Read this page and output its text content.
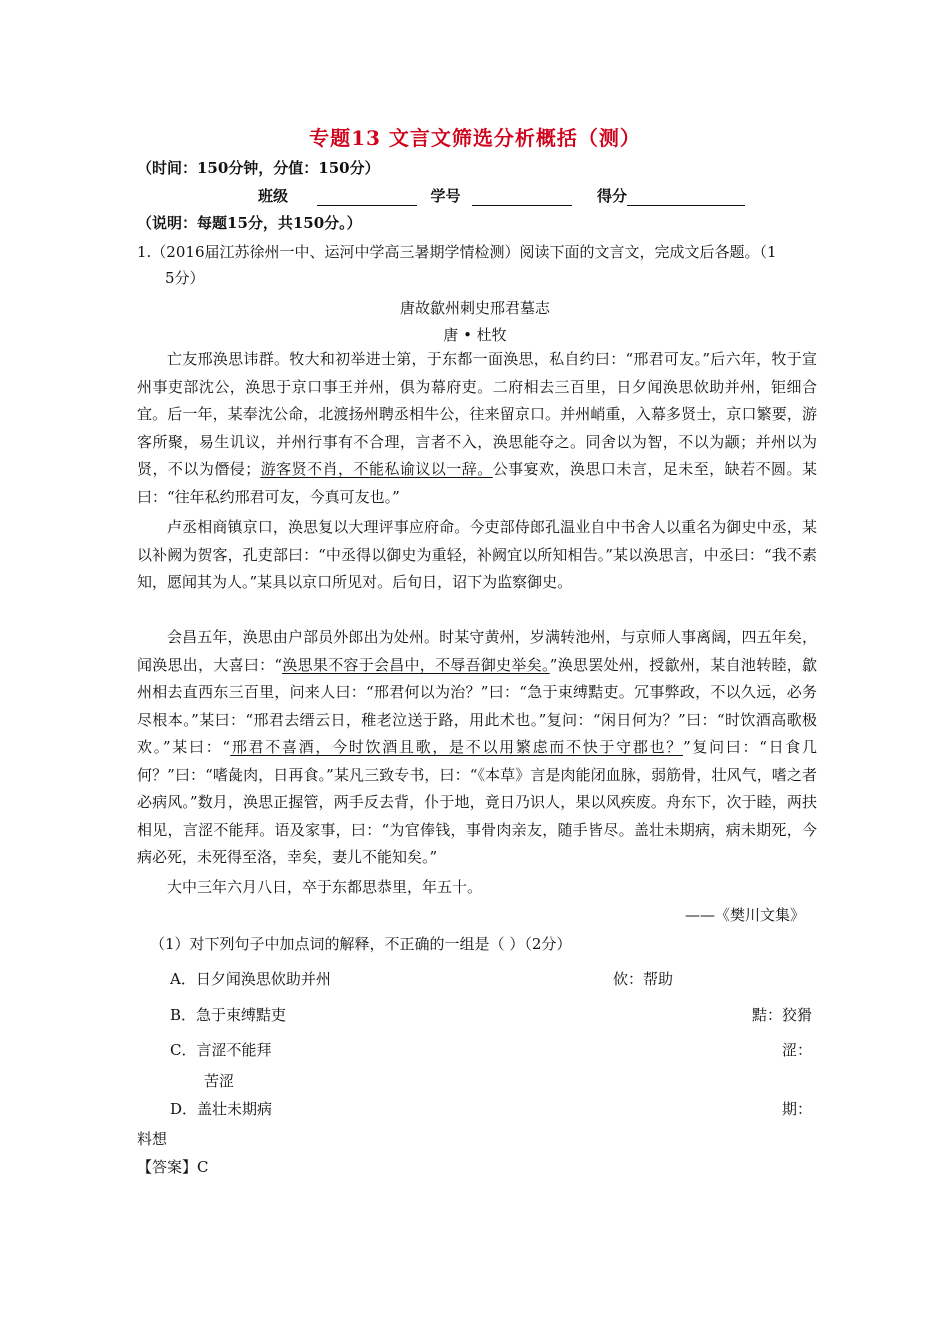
专题13 文言文筛选分析概括（测）
（时间：150分钟，分值：150分）
班级	学号	得分
（说明：每题15分，共150分。）
1.（2016届江苏徐州一中、运河中学高三暑期学情检测）阅读下面的文言文，完成文后各题。（1
5分）
唐故歙州刺史邢君墓志
唐 • 杜牧
亡友邢涣思讳群。牧大和初举进士第，于东都一面涣思，私自约曰：“邢君可友。”后六年，牧于宣州事吏部沈公，涣思于京口事王并州，俱为幕府吏。二府相去三百里，日夕闻涣思佽助并州，钜细合宜。后一年，某奉沈公命，北渡扬州聘丞相牛公，往来留京口。并州峭重，入幕多贤士，京口繁要，游客所聚，易生讥议，并州行事有不合理，言者不入，涣思能夺之。同舍以为智，不以为颛；并州以为贤，不以为僭侵；游客贤不肖，不能私谕议以一辞。公事宴欢，涣思口未言，足未至，缺若不圆。某曰：“往年私约邢君可友，今真可友也。”
卢丞相商镇京口，涣思复以大理评事应府命。今吏部侍郎孔温业自中书舍人以重名为御史中丞，某以补阙为贺客，孔吏部曰：“中丞得以御史为重轻，补阙宜以所知相告。”某以涣思言，中丞曰：“我不素知，愿闻其为人。”某具以京口所见对。后旬日，诏下为监察御史。
会昌五年，涣思由户部员外郎出为处州。时某守黄州，岁满转池州，与京师人事离阔，四五年矣，闻涣思出，大喜曰：“涣思果不容于会昌中，不辱吾御史举矣。”涣思罢处州，授歙州，某自池转睦，歙州相去直西东三百里，问来人曰：“邢君何以为治？”曰：“急于束缚黠吏。冗事弊政，不以久远，必务尽根本。”某曰：“邢君去缙云日，稚老泣送于路，用此术也。”复问：“闲日何为？”曰：“时饮酒高歌极欢。”某曰：“邢君不喜酒，今时饮酒且歌，是不以用繁虑而不快于守郡也？”复问曰：“日食几何？”曰：“嗜彘肉，日再食。”某凡三致专书，曰：“《本草》言是肉能闭血脉，弱筋骨，壮风气，嗜之者必病风。”数月，涣思正握管，两手反去背，仆于地，竟日乃识人，果以风疾废。舟东下，次于睦，两扶相见，言涩不能拜。语及家事，曰：“为官俸钱，事骨肉亲友，随手皆尽。盖壮未期病，病未期死，今病必死，未死得至洛，幸矣，妻儿不能知矣。”
大中三年六月八日，卒于东都思恭里，年五十。
——《樊川文集》
（1）对下列句子中加点词的解释，不正确的一组是（ ）（2分）
A．日夕闻涣思佽助并州	佽：帮助
B．急于束缚黠吏	黠：狡猾
C．言涩不能拜	涩：
苦涩
D．盖壮未期病	期：
料想
【答案】C
